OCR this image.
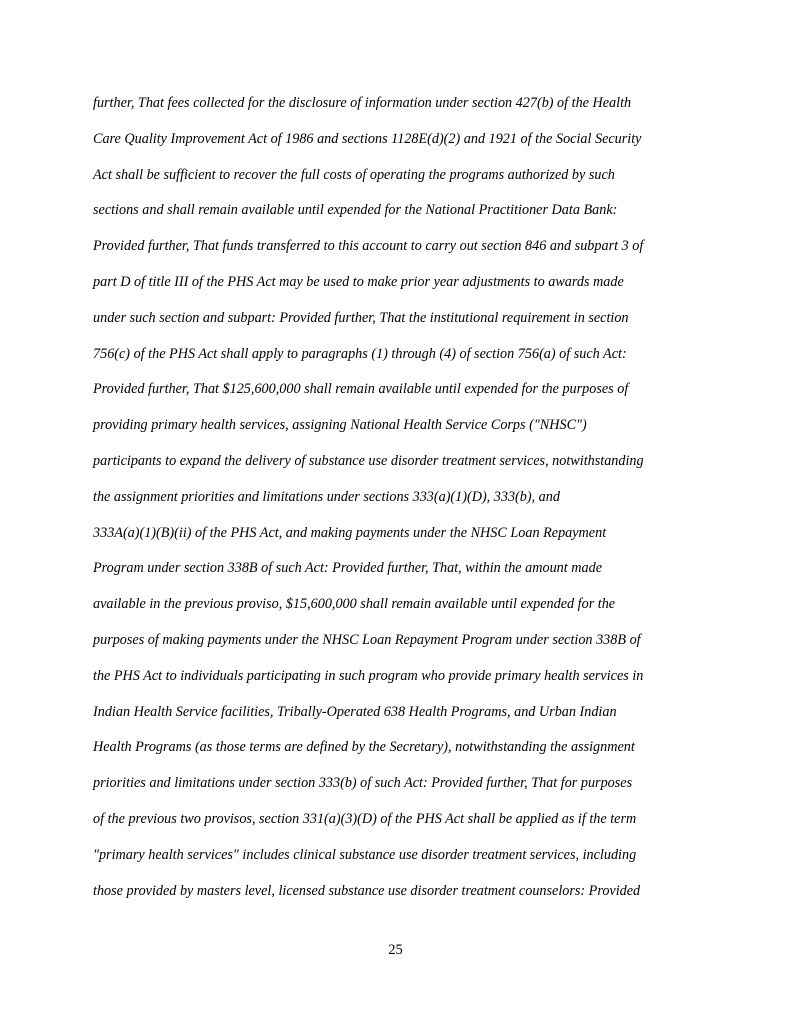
further, That fees collected for the disclosure of information under section 427(b) of the Health
Care Quality Improvement Act of 1986 and sections 1128E(d)(2) and 1921 of the Social Security
Act shall be sufficient to recover the full costs of operating the programs authorized by such
sections and shall remain available until expended for the National Practitioner Data Bank:
Provided further, That funds transferred to this account to carry out section 846 and subpart 3 of
part D of title III of the PHS Act may be used to make prior year adjustments to awards made
under such section and subpart: Provided further, That the institutional requirement in section
756(c) of the PHS Act shall apply to paragraphs (1) through (4) of section 756(a) of such Act:
Provided further, That $125,600,000 shall remain available until expended for the purposes of
providing primary health services, assigning National Health Service Corps ("NHSC")
participants to expand the delivery of substance use disorder treatment services, notwithstanding
the assignment priorities and limitations under sections 333(a)(1)(D), 333(b), and
333A(a)(1)(B)(ii) of the PHS Act, and making payments under the NHSC Loan Repayment
Program under section 338B of such Act: Provided further, That, within the amount made
available in the previous proviso, $15,600,000 shall remain available until expended for the
purposes of making payments under the NHSC Loan Repayment Program under section 338B of
the PHS Act to individuals participating in such program who provide primary health services in
Indian Health Service facilities, Tribally-Operated 638 Health Programs, and Urban Indian
Health Programs (as those terms are defined by the Secretary), notwithstanding the assignment
priorities and limitations under section 333(b) of such Act: Provided further, That for purposes
of the previous two provisos, section 331(a)(3)(D) of the PHS Act shall be applied as if the term
"primary health services" includes clinical substance use disorder treatment services, including
those provided by masters level, licensed substance use disorder treatment counselors: Provided
25
